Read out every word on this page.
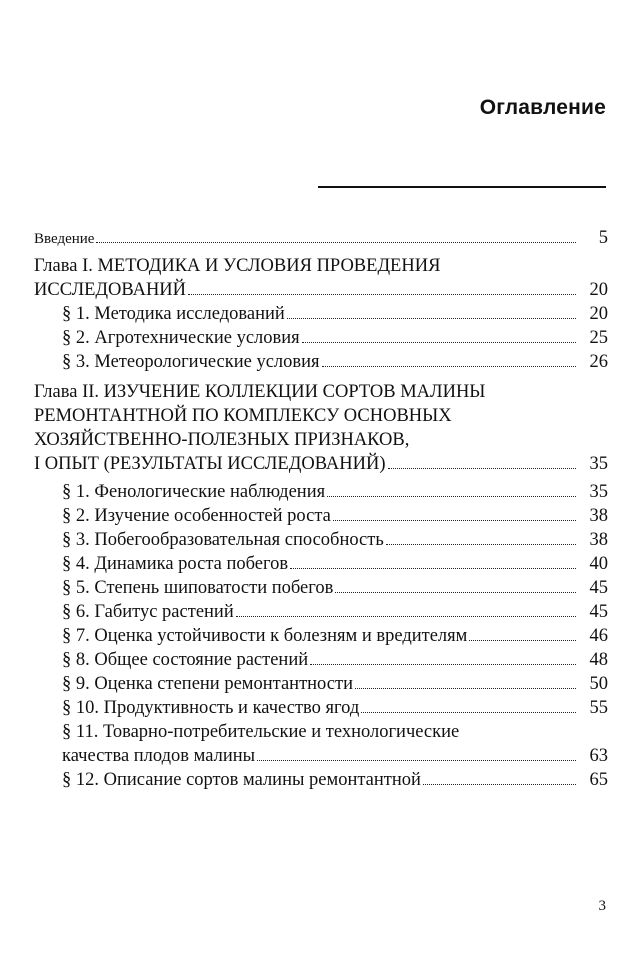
Оглавление
Введение	5
Глава I. МЕТОДИКА И УСЛОВИЯ ПРОВЕДЕНИЯ
ИССЛЕДОВАНИЙ	20
§ 1. Методика исследований	20
§ 2. Агротехнические условия	25
§ 3. Метеорологические условия	26
Глава II. ИЗУЧЕНИЕ КОЛЛЕКЦИИ СОРТОВ МАЛИНЫ
РЕМОНТАНТНОЙ ПО КОМПЛЕКСУ ОСНОВНЫХ
ХОЗЯЙСТВЕННО-ПОЛЕЗНЫХ ПРИЗНАКОВ,
I ОПЫТ (РЕЗУЛЬТАТЫ ИССЛЕДОВАНИЙ)	35
§ 1. Фенологические наблюдения	35
§ 2. Изучение особенностей роста	38
§ 3. Побегообразовательная способность	38
§ 4. Динамика роста побегов	40
§ 5. Степень шиповатости побегов	45
§ 6. Габитус растений	45
§ 7. Оценка устойчивости к болезням и вредителям	46
§ 8. Общее состояние растений	48
§ 9. Оценка степени ремонтантности	50
§ 10. Продуктивность и качество ягод	55
§ 11. Товарно-потребительские и технологические
качества плодов малины	63
§ 12. Описание сортов малины ремонтантной	65
3
